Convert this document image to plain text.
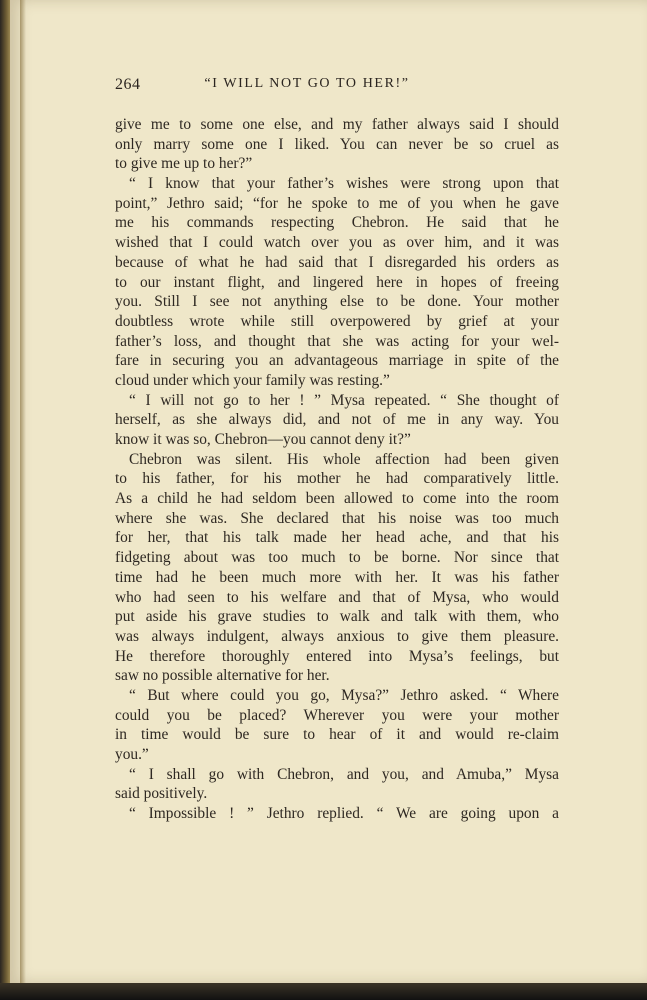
264	“I WILL NOT GO TO HER!”
give me to some one else, and my father always said I should
only marry some one I liked. You can never be so cruel as
to give me up to her?”
“ I know that your father’s wishes were strong upon that
point,” Jethro said; “for he spoke to me of you when he gave
me his commands respecting Chebron. He said that he
wished that I could watch over you as over him, and it was
because of what he had said that I disregarded his orders as
to our instant flight, and lingered here in hopes of freeing
you. Still I see not anything else to be done. Your mother
doubtless wrote while still overpowered by grief at your
father’s loss, and thought that she was acting for your wel-
fare in securing you an advantageous marriage in spite of the
cloud under which your family was resting.”
“ I will not go to her ! ” Mysa repeated. “ She thought of
herself, as she always did, and not of me in any way. You
know it was so, Chebron—you cannot deny it?”
Chebron was silent. His whole affection had been given
to his father, for his mother he had comparatively little.
As a child he had seldom been allowed to come into the room
where she was. She declared that his noise was too much
for her, that his talk made her head ache, and that his
fidgeting about was too much to be borne. Nor since that
time had he been much more with her. It was his father
who had seen to his welfare and that of Mysa, who would
put aside his grave studies to walk and talk with them, who
was always indulgent, always anxious to give them pleasure.
He therefore thoroughly entered into Mysa’s feelings, but
saw no possible alternative for her.
“ But where could you go, Mysa?” Jethro asked. “ Where
could you be placed? Wherever you were your mother
in time would be sure to hear of it and would re-claim
you.”
“ I shall go with Chebron, and you, and Amuba,” Mysa
said positively.
“ Impossible ! ” Jethro replied. “ We are going upon a
